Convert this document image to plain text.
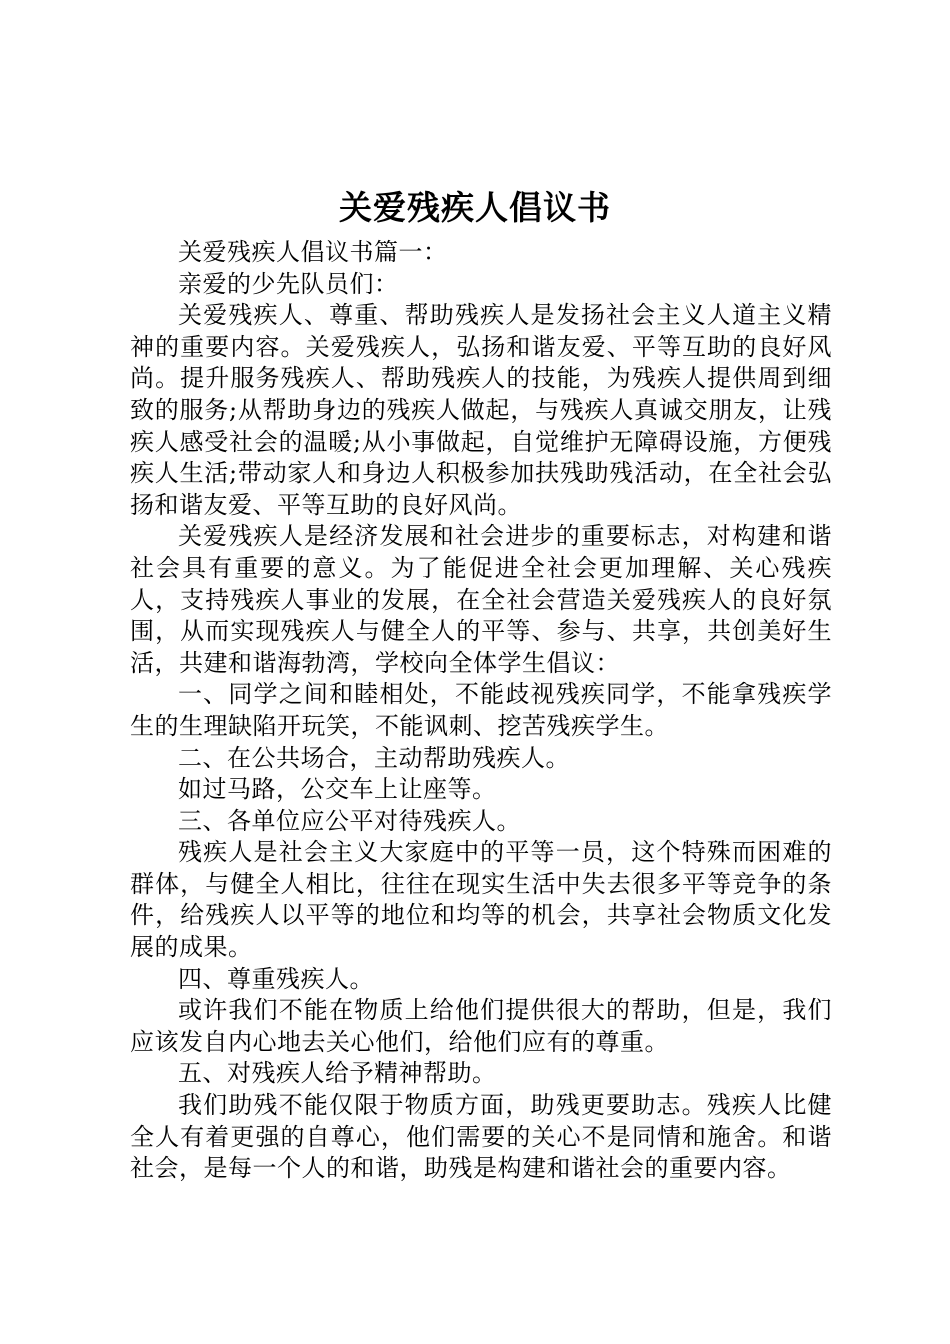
关爱残疾人倡议书

关爱残疾人倡议书篇一：

亲爱的少先队员们：

关爱残疾人、尊重、帮助残疾人是发扬社会主义人道主义精神的重要内容。关爱残疾人，弘扬和谐友爱、平等互助的良好风尚。提升服务残疾人、帮助残疾人的技能，为残疾人提供周到细致的服务;从帮助身边的残疾人做起，与残疾人真诚交朋友，让残疾人感受社会的温暖;从小事做起，自觉维护无障碍设施，方便残疾人生活;带动家人和身边人积极参加扶残助残活动，在全社会弘扬和谐友爱、平等互助的良好风尚。

关爱残疾人是经济发展和社会进步的重要标志，对构建和谐社会具有重要的意义。为了能促进全社会更加理解、关心残疾人，支持残疾人事业的发展，在全社会营造关爱残疾人的良好氛围，从而实现残疾人与健全人的平等、参与、共享，共创美好生活，共建和谐海勃湾，学校向全体学生倡议：

一、同学之间和睦相处，不能歧视残疾同学，不能拿残疾学生的生理缺陷开玩笑，不能讽刺、挖苦残疾学生。

二、在公共场合，主动帮助残疾人。

如过马路，公交车上让座等。

三、各单位应公平对待残疾人。

残疾人是社会主义大家庭中的平等一员，这个特殊而困难的群体，与健全人相比，往往在现实生活中失去很多平等竞争的条件，给残疾人以平等的地位和均等的机会，共享社会物质文化发展的成果。

四、尊重残疾人。

或许我们不能在物质上给他们提供很大的帮助，但是，我们应该发自内心地去关心他们，给他们应有的尊重。

五、对残疾人给予精神帮助。

我们助残不能仅限于物质方面，助残更要助志。残疾人比健全人有着更强的自尊心，他们需要的关心不是同情和施舍。和谐社会，是每一个人的和谐，助残是构建和谐社会的重要内容。
